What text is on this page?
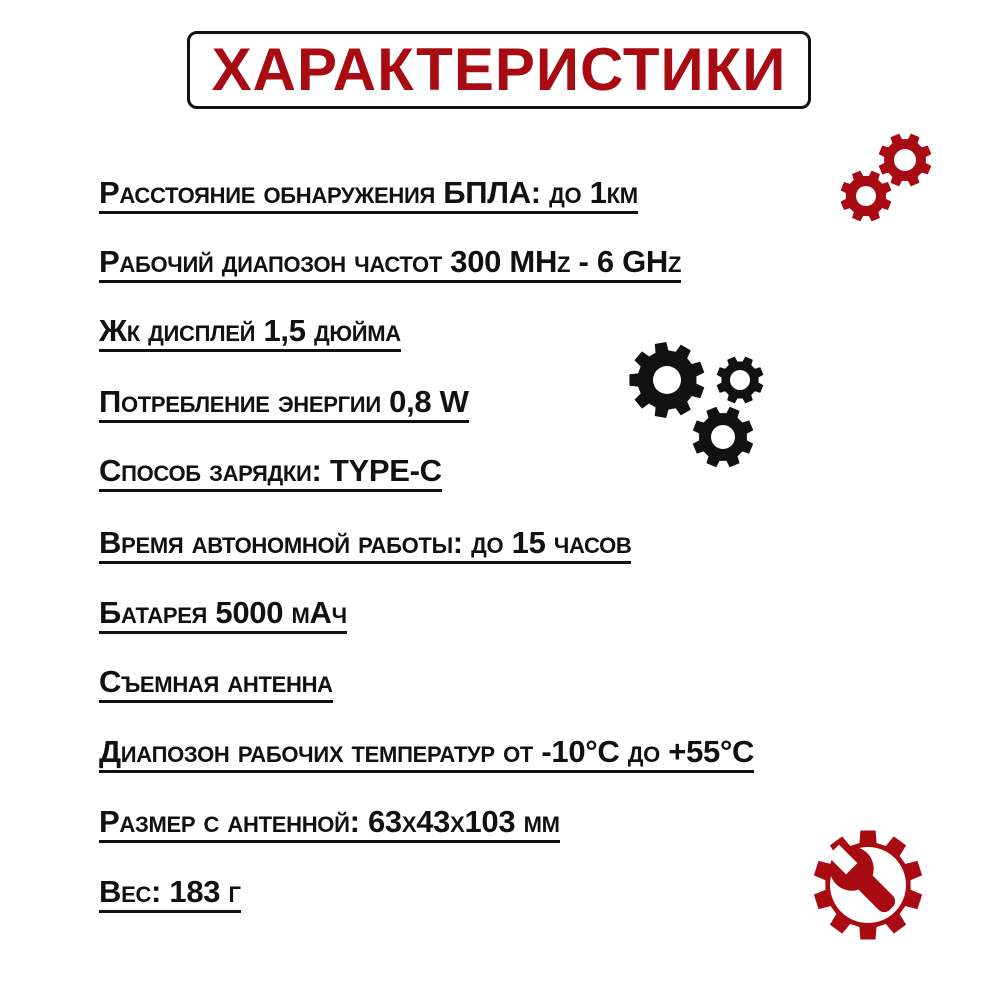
ХАРАКТЕРИСТИКИ
Расстояние обнаружения БПЛА: до 1км
Рабочий диапозон частот 300 MHz - 6 GHz
Жк дисплей 1,5 дюйма
Потребление энергии 0,8 W
Способ зарядки: TYPE-C
Время автономной работы: до 15 часов
Батарея 5000 мАч
Съемная антенна
Диапозон рабочих температур от -10°C до +55°C
Размер с антенной: 63x43x103 мм
Вес: 183 г
